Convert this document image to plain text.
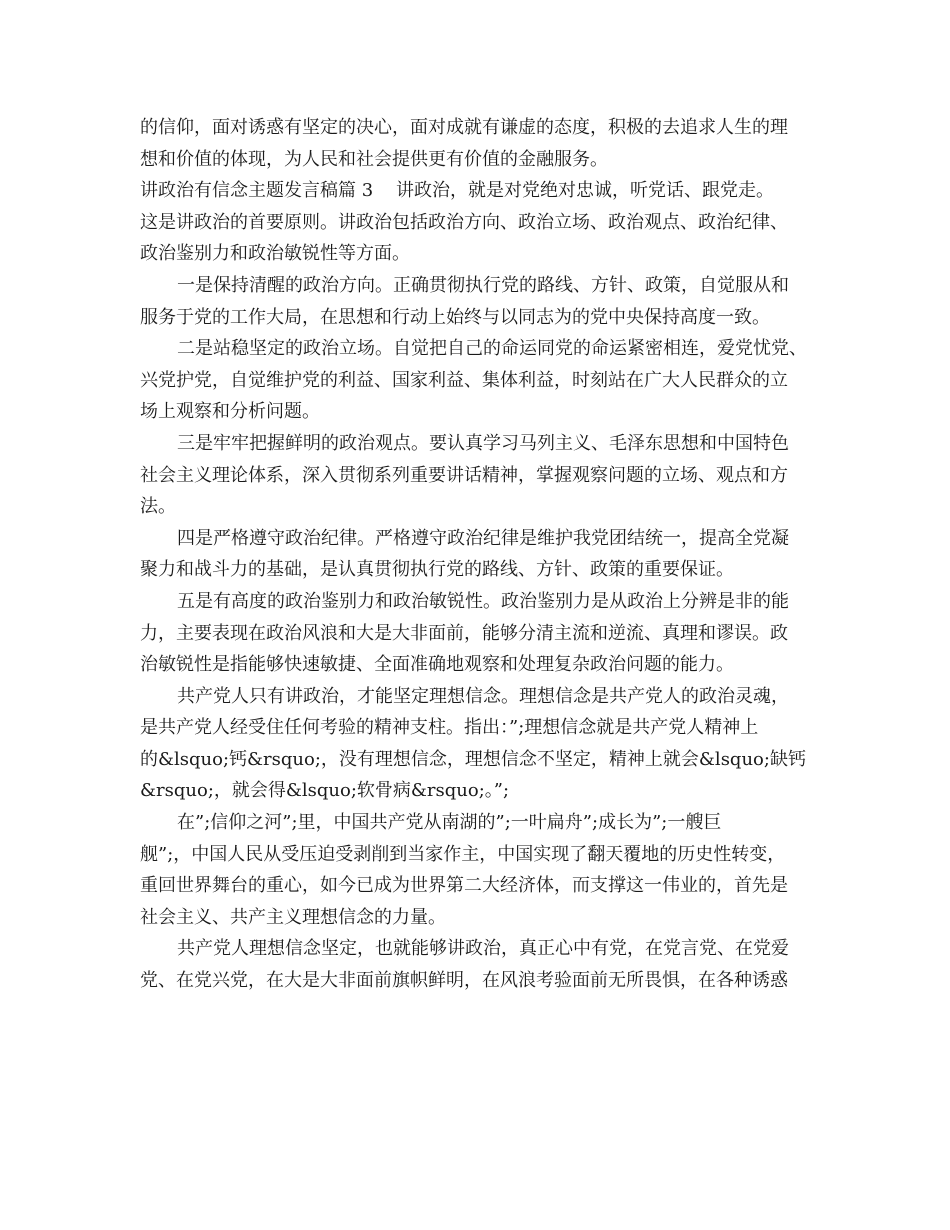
的信仰，面对诱惑有坚定的决心，面对成就有谦虚的态度，积极的去追求人生的理
想和价值的体现，为人民和社会提供更有价值的金融服务。
讲政治有信念主题发言稿篇 3    讲政治，就是对党绝对忠诚，听党话、跟党走。
这是讲政治的首要原则。讲政治包括政治方向、政治立场、政治观点、政治纪律、
政治鉴别力和政治敏锐性等方面。
一是保持清醒的政治方向。正确贯彻执行党的路线、方针、政策，自觉服从和
服务于党的工作大局，在思想和行动上始终与以同志为的党中央保持高度一致。
二是站稳坚定的政治立场。自觉把自己的命运同党的命运紧密相连，爱党忧党、
兴党护党，自觉维护党的利益、国家利益、集体利益，时刻站在广大人民群众的立
场上观察和分析问题。
三是牢牢把握鲜明的政治观点。要认真学习马列主义、毛泽东思想和中国特色
社会主义理论体系，深入贯彻系列重要讲话精神，掌握观察问题的立场、观点和方
法。
四是严格遵守政治纪律。严格遵守政治纪律是维护我党团结统一，提高全党凝
聚力和战斗力的基础，是认真贯彻执行党的路线、方针、政策的重要保证。
五是有高度的政治鉴别力和政治敏锐性。政治鉴别力是从政治上分辨是非的能
力，主要表现在政治风浪和大是大非面前，能够分清主流和逆流、真理和谬误。政
治敏锐性是指能够快速敏捷、全面准确地观察和处理复杂政治问题的能力。
共产党人只有讲政治，才能坚定理想信念。理想信念是共产党人的政治灵魂，
是共产党人经受住任何考验的精神支柱。指出：”;理想信念就是共产党人精神上
的&lsquo;钙&rsquo;，没有理想信念，理想信念不坚定，精神上就会&lsquo;缺钙
&rsquo;，就会得&lsquo;软骨病&rsquo;。”;
在”;信仰之河”;里，中国共产党从南湖的”;一叶扁舟”;成长为”;一艘巨
舰”;，中国人民从受压迫受剥削到当家作主，中国实现了翻天覆地的历史性转变，
重回世界舞台的重心，如今已成为世界第二大经济体，而支撑这一伟业的，首先是
社会主义、共产主义理想信念的力量。
共产党人理想信念坚定，也就能够讲政治，真正心中有党，在党言党、在党爱
党、在党兴党，在大是大非面前旗帜鲜明，在风浪考验面前无所畏惧，在各种诱惑
